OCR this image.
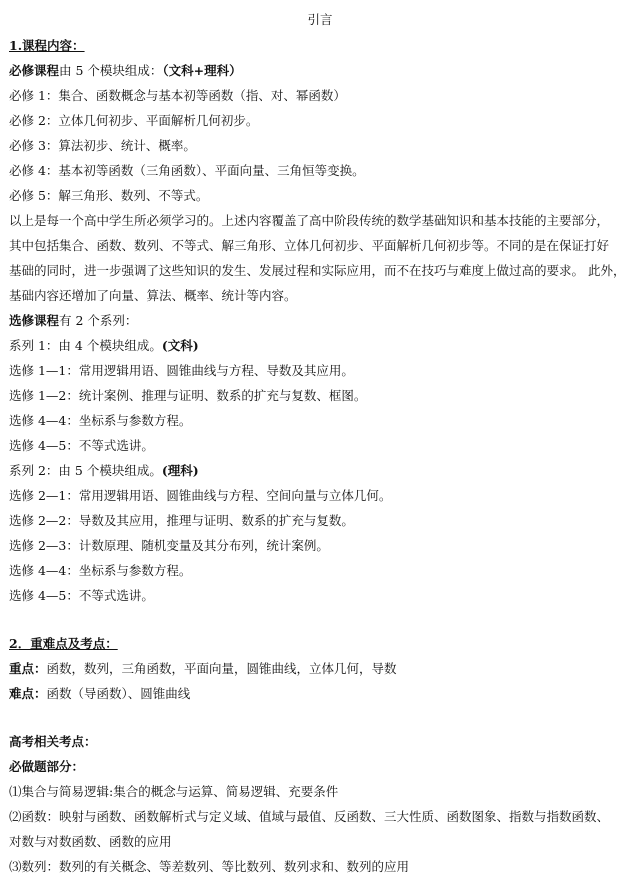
引言
1.课程内容：
必修课程由 5 个模块组成：（文科+理科）
必修 1：集合、函数概念与基本初等函数（指、对、幂函数）
必修 2：立体几何初步、平面解析几何初步。
必修 3：算法初步、统计、概率。
必修 4：基本初等函数（三角函数）、平面向量、三角恒等变换。
必修 5：解三角形、数列、不等式。
以上是每一个高中学生所必须学习的。上述内容覆盖了高中阶段传统的数学基础知识和基本技能的主要部分，
其中包括集合、函数、数列、不等式、解三角形、立体几何初步、平面解析几何初步等。不同的是在保证打好
基础的同时，进一步强调了这些知识的发生、发展过程和实际应用，而不在技巧与难度上做过高的要求。 此外，
基础内容还增加了向量、算法、概率、统计等内容。
选修课程有 2 个系列：
系列 1：由 4 个模块组成。(文科)
选修 1—1：常用逻辑用语、圆锥曲线与方程、导数及其应用。
选修 1—2：统计案例、推理与证明、数系的扩充与复数、框图。
选修 4—4：坐标系与参数方程。
选修 4—5：不等式选讲。
系列 2：由 5 个模块组成。(理科)
选修 2—1：常用逻辑用语、圆锥曲线与方程、空间向量与立体几何。
选修 2—2：导数及其应用，推理与证明、数系的扩充与复数。
选修 2—3：计数原理、随机变量及其分布列，统计案例。
选修 4—4：坐标系与参数方程。
选修 4—5：不等式选讲。
2．重难点及考点：
重点：函数，数列，三角函数，平面向量，圆锥曲线，立体几何，导数
难点：函数（导函数）、圆锥曲线
高考相关考点：
必做题部分：
⑴集合与简易逻辑:集合的概念与运算、简易逻辑、充要条件
⑵函数：映射与函数、函数解析式与定义域、值域与最值、反函数、三大性质、函数图象、指数与指数函数、
对数与对数函数、函数的应用
⑶数列：数列的有关概念、等差数列、等比数列、数列求和、数列的应用
